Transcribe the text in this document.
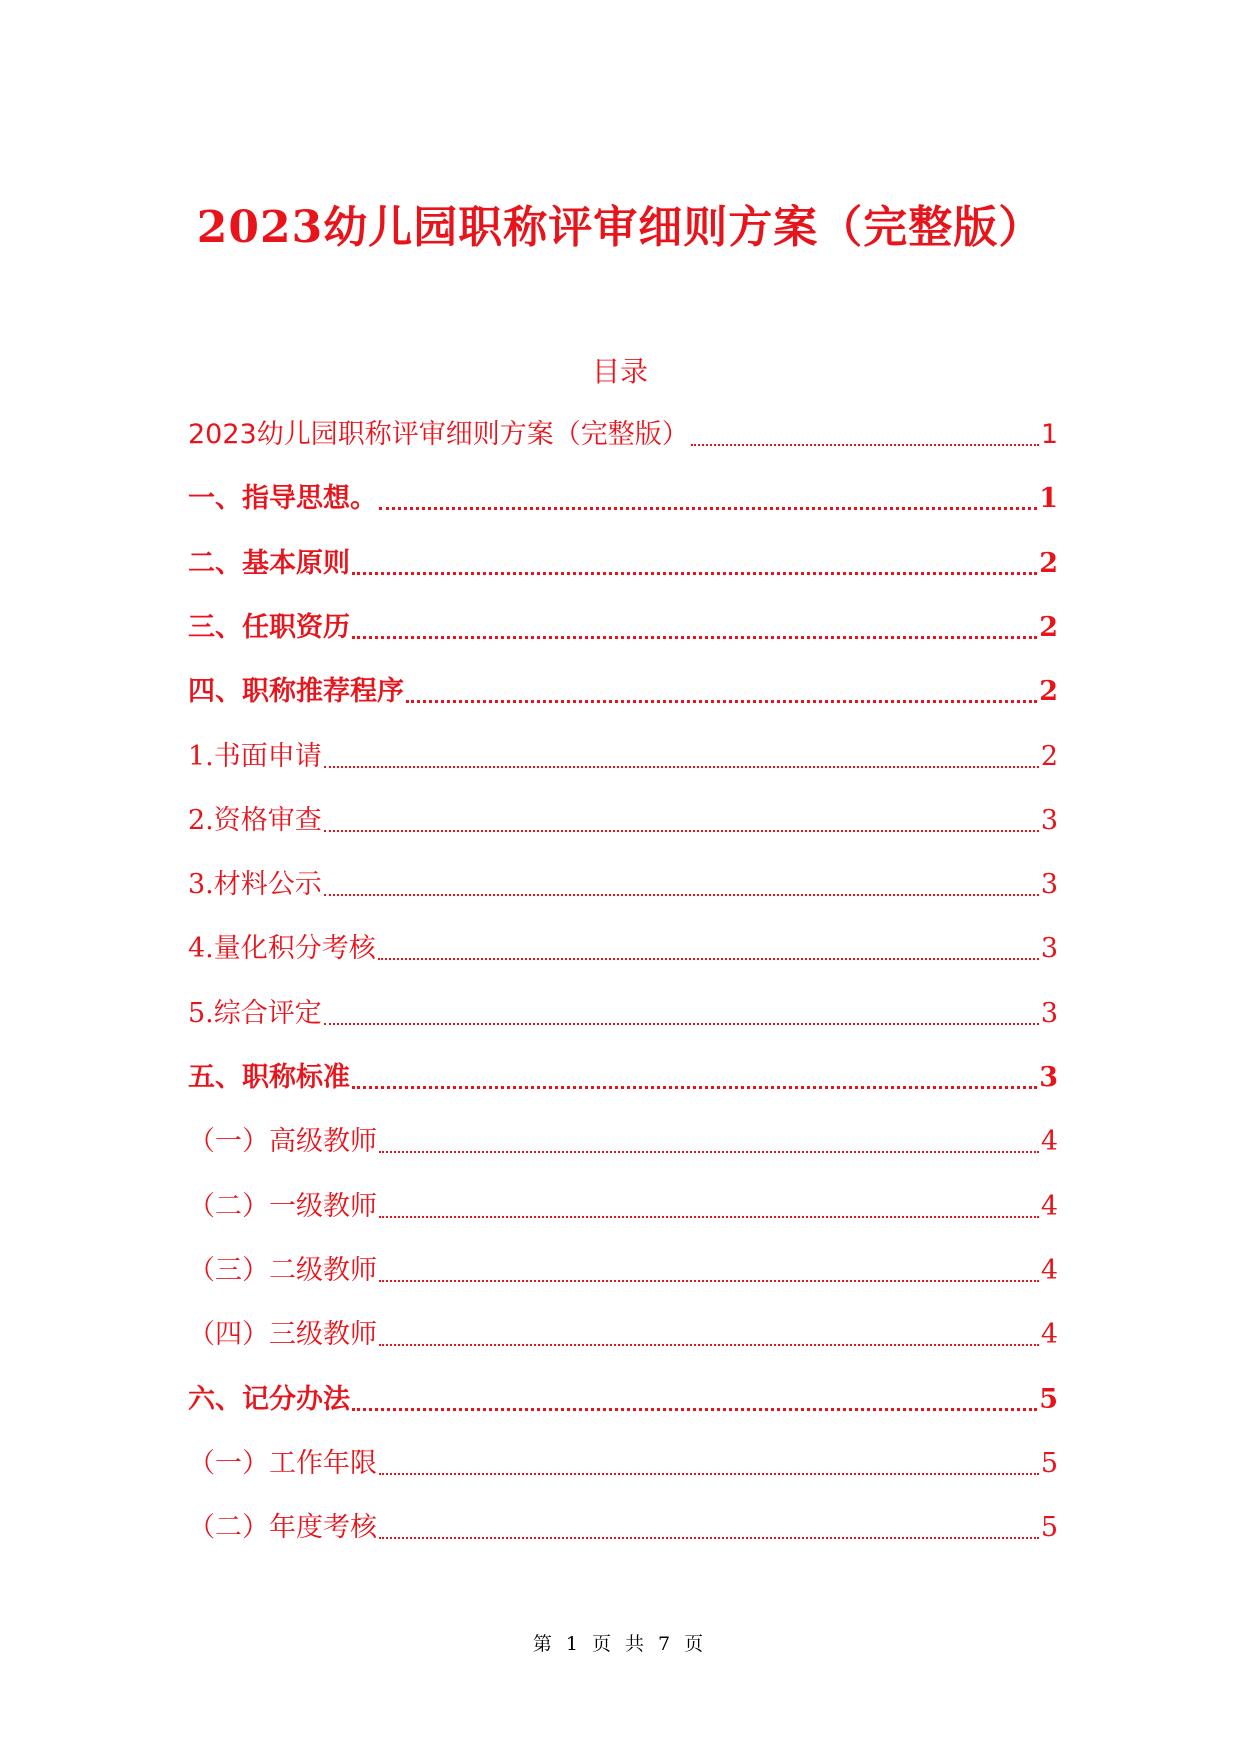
2023幼儿园职称评审细则方案（完整版）
目录
2023幼儿园职称评审细则方案（完整版）	1
一、指导思想。	1
二、基本原则	2
三、任职资历	2
四、职称推荐程序	2
1.书面申请	2
2.资格审查	3
3.材料公示	3
4.量化积分考核	3
5.综合评定	3
五、职称标准	3
（一）高级教师	4
（二）一级教师	4
（三）二级教师	4
（四）三级教师	4
六、记分办法	5
（一）工作年限	5
（二）年度考核	5
第 1 页 共 7 页
